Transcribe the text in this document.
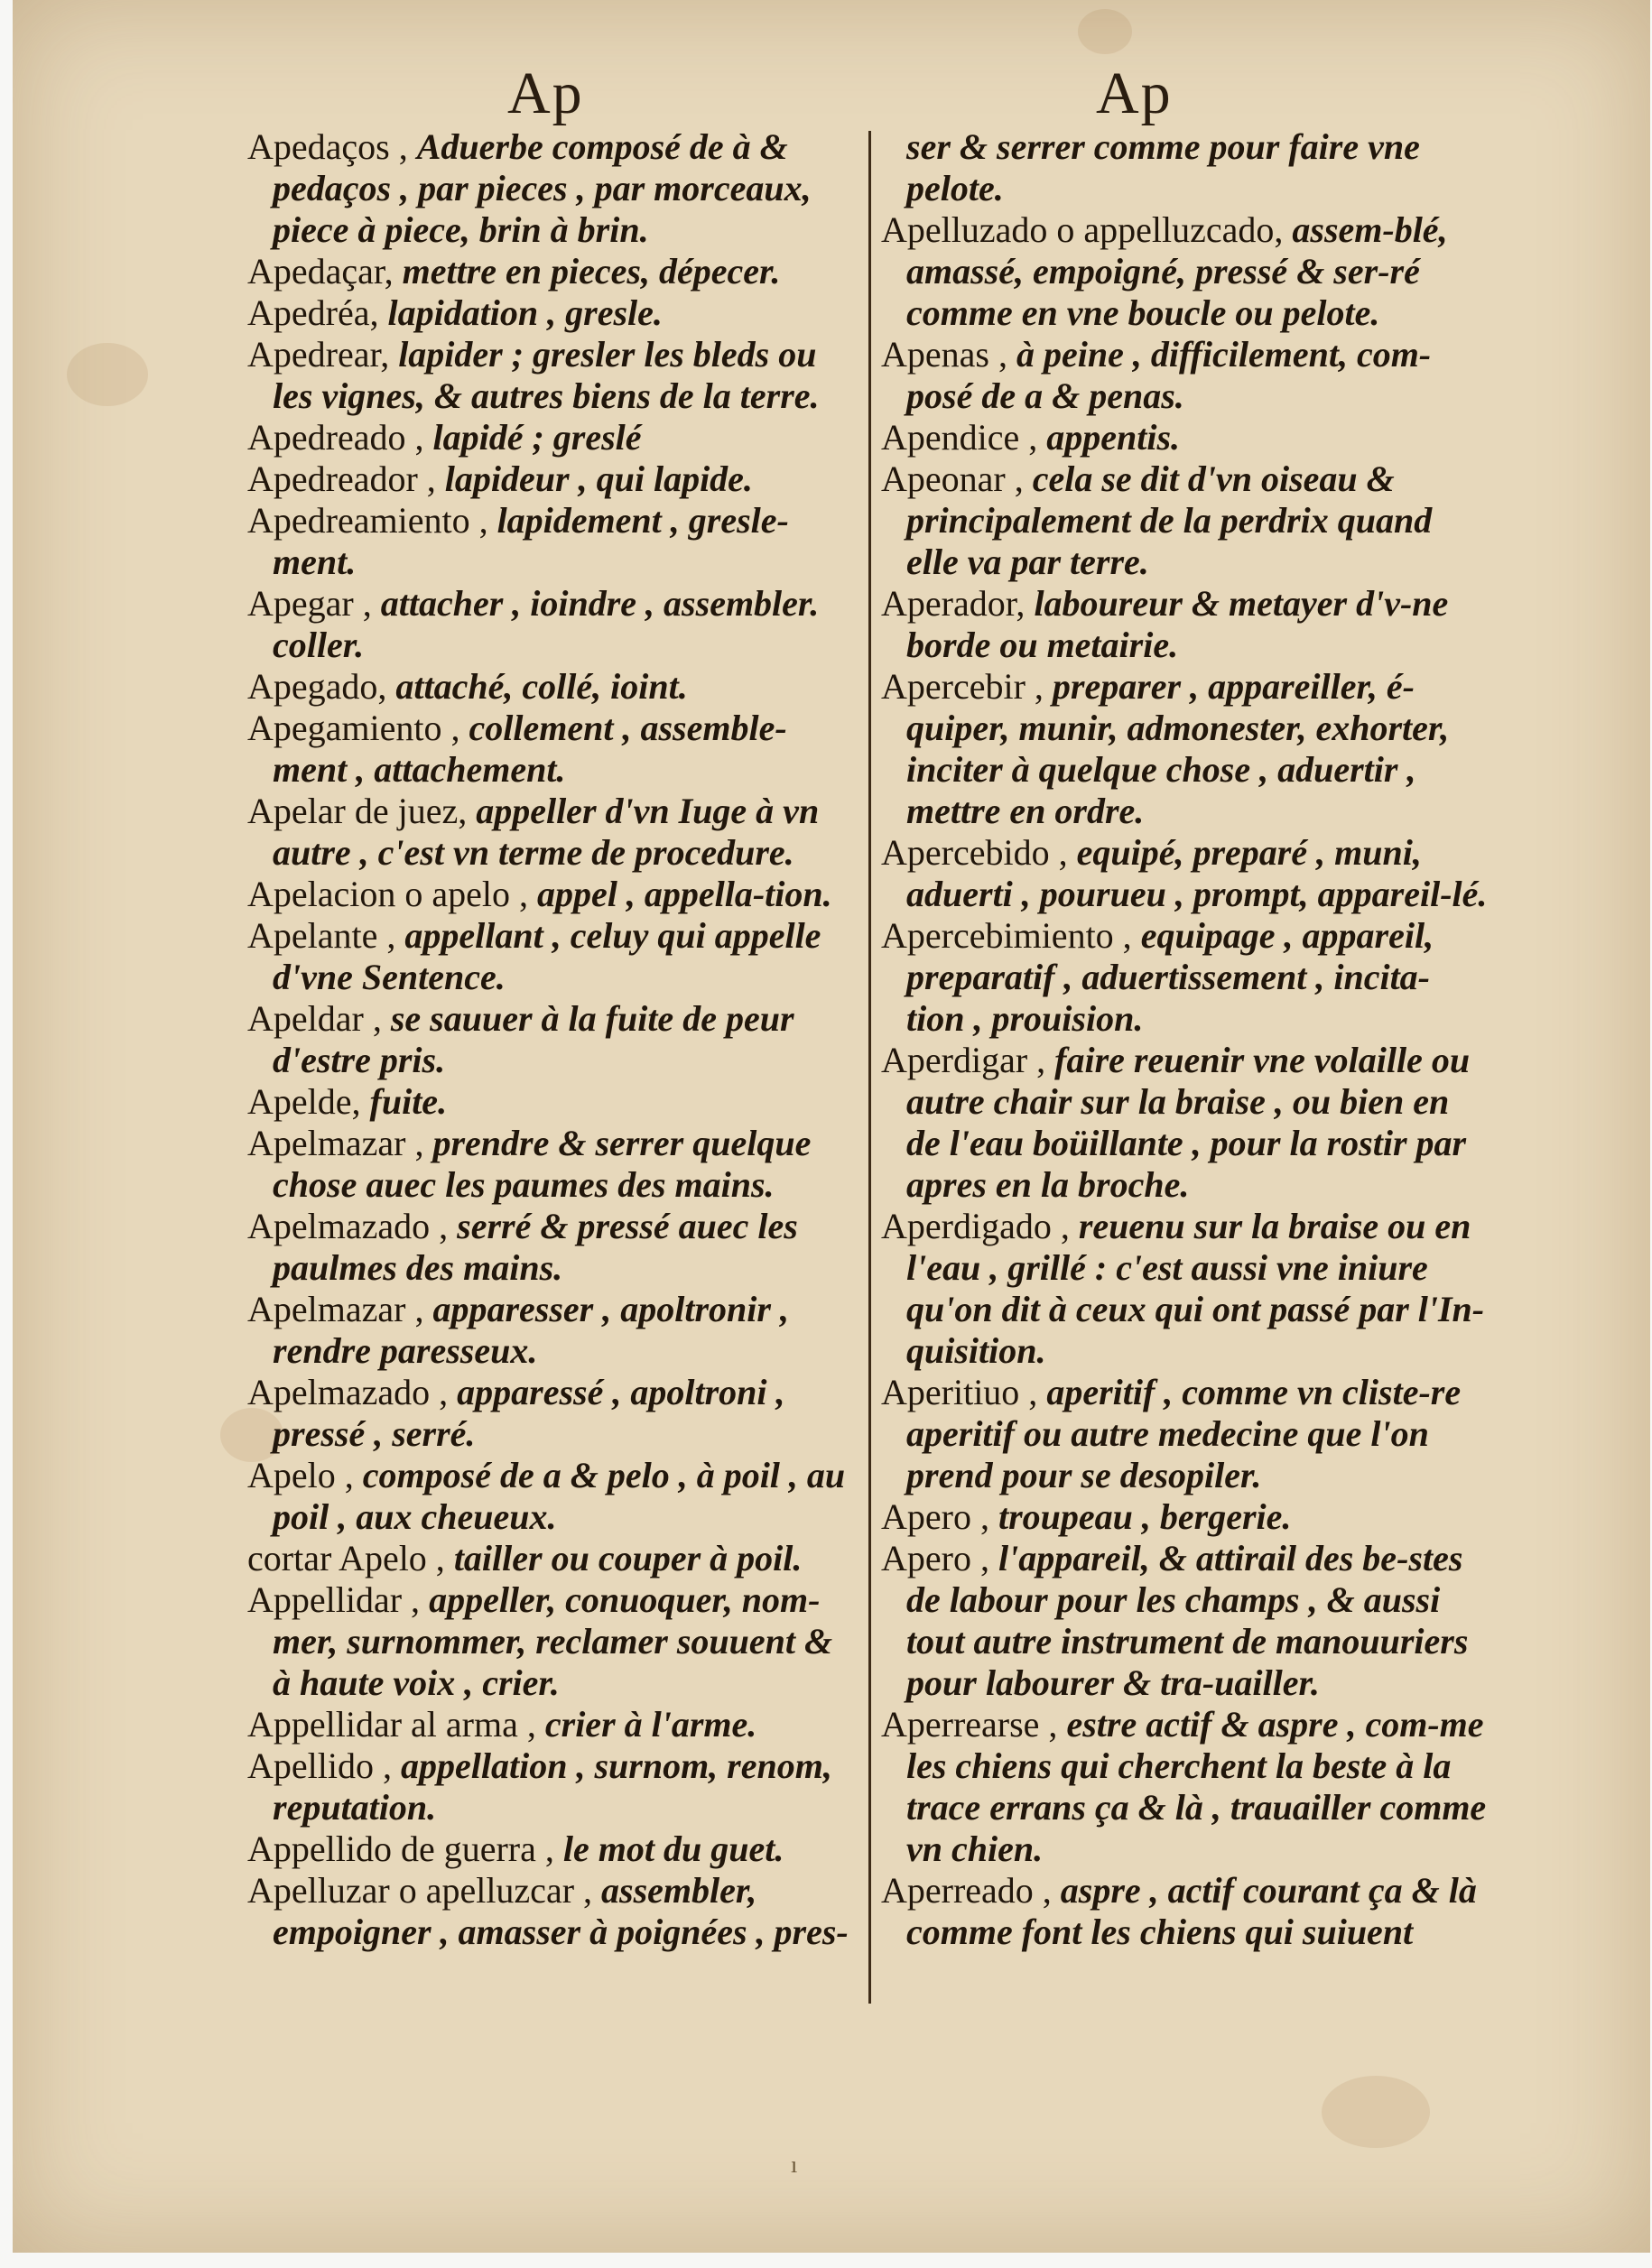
Ap	Ap

Apedaços , Aduerbe composé de à & pedaços , par pieces , par morceaux, piece à piece, brin à brin.

Apedaçar, mettre en pieces, dépecer.

Apedréa, lapidation , gresle.

Apedrear, lapider ; gresler les bleds ou les vignes, & autres biens de la terre.

Apedreado , lapidé ; greslé

Apedreador , lapideur , qui lapide.

Apedreamiento , lapidement , gresle-ment.

Apegar , attacher , ioindre , assembler. coller.

Apegado, attaché, collé, ioint.

Apegamiento , collement , assemble-ment , attachement.

Apelar de juez, appeller d'vn Iuge à vn autre , c'est vn terme de procedure.

Apelacion o apelo , appel , appella-tion.

Apelante , appellant , celuy qui appelle d'vne Sentence.

Apeldar , se sauuer à la fuite de peur d'estre pris.

Apelde, fuite.

Apelmazar , prendre & serrer quelque chose auec les paumes des mains.

Apelmazado , serré & pressé auec les paulmes des mains.

Apelmazar , apparesser , apoltronir , rendre paresseux.

Apelmazado , apparessé , apoltroni , pressé , serré.

Apelo , composé de a & pelo , à poil , au poil , aux cheueux.

cortar Apelo , tailler ou couper à poil.

Appellidar , appeller, conuoquer, nom-mer, surnommer, reclamer souuent & à haute voix , crier.

Appellidar al arma , crier à l'arme.

Apellido , appellation , surnom, renom, reputation.

Appellido de guerra , le mot du guet.

Apelluzar o apelluzcar , assembler, empoigner , amasser à poignées , pres-

ser & serrer comme pour faire vne pelote.

Apelluzado o appelluzcado, assem-blé, amassé, empoigné, pressé & ser-ré comme en vne boucle ou pelote.

Apenas , à peine , difficilement, com-posé de a & penas.

Apendice , appentis.

Apeonar , cela se dit d'vn oiseau & principalement de la perdrix quand elle va par terre.

Aperador, laboureur & metayer d'v-ne borde ou metairie.

Apercebir , preparer , appareiller, é-quiper, munir, admonester, exhorter, inciter à quelque chose , aduertir , mettre en ordre.

Apercebido , equipé, preparé , muni, aduerti , pourueu , prompt, appareil-lé.

Apercebimiento , equipage , appareil, preparatif , aduertissement , incita-tion , prouision.

Aperdigar , faire reuenir vne volaille ou autre chair sur la braise , ou bien en de l'eau boüillante , pour la rostir par apres en la broche.

Aperdigado , reuenu sur la braise ou en l'eau , grillé : c'est aussi vne iniure qu'on dit à ceux qui ont passé par l'In-quisition.

Aperitiuo , aperitif , comme vn cliste-re aperitif ou autre medecine que l'on prend pour se desopiler.

Apero , troupeau , bergerie.

Apero , l'appareil, & attirail des be-stes de labour pour les champs , & aussi tout autre instrument de manouuriers pour labourer & tra-uailler.

Aperrearse , estre actif & aspre , com-me les chiens qui cherchent la beste à la trace errans ça & là , trauailler comme vn chien.

Aperreado , aspre , actif courant ça & là comme font les chiens qui suiuent

ı
